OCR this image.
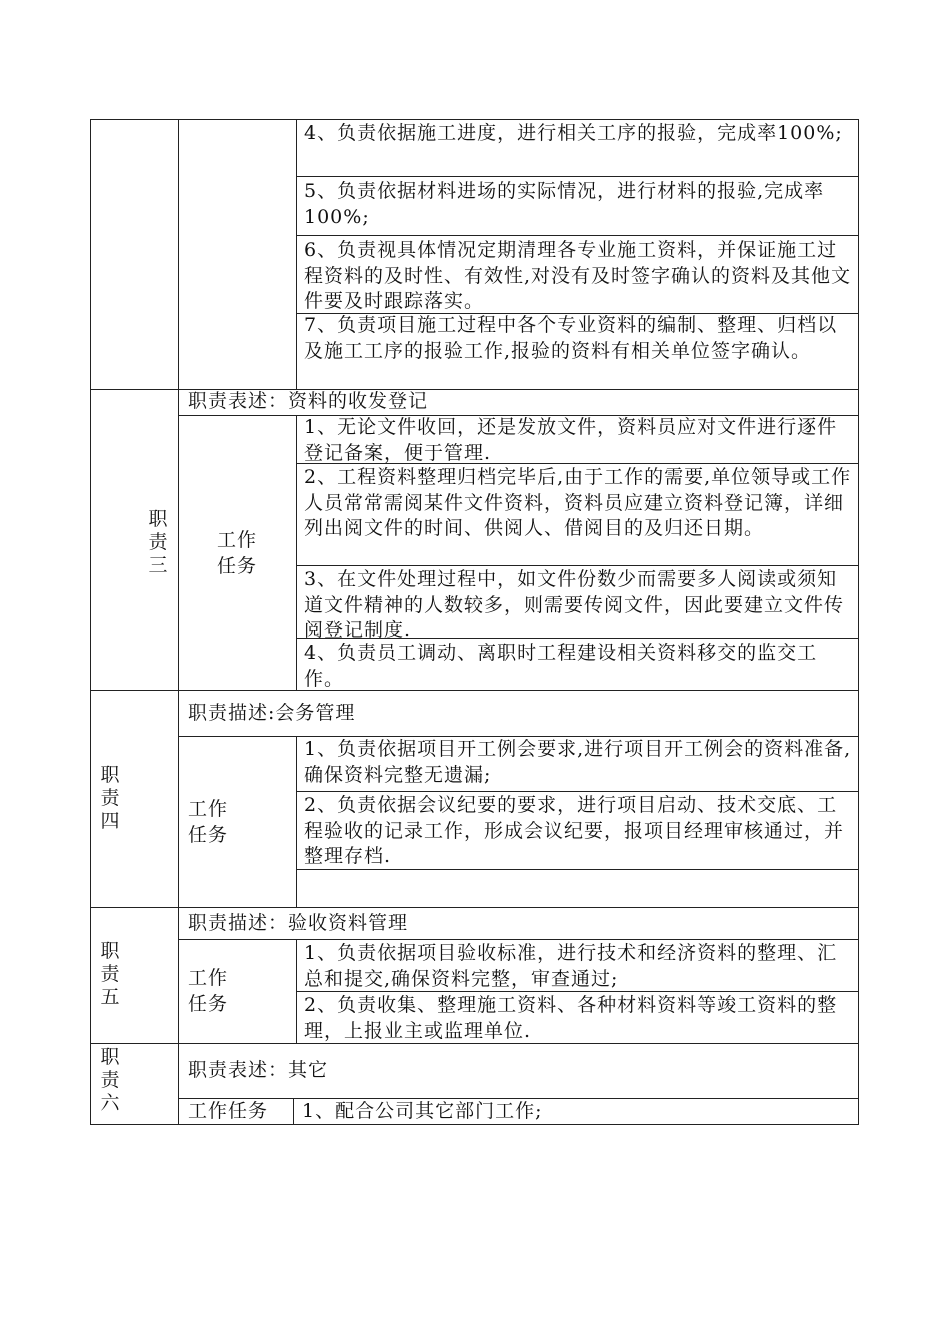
4、负责依据施工进度，进行相关工序的报验，完成率100%;
5、负责依据材料进场的实际情况，进行材料的报验,完成率 100%;
6、负责视具体情况定期清理各专业施工资料，并保证施工过程资料的及时性、有效性,对没有及时签字确认的资料及其他文件要及时跟踪落实。
7、负责项目施工过程中各个专业资料的编制、整理、归档以及施工工序的报验工作,报验的资料有相关单位签字确认。
职责三
职责表述：资料的收发登记
工作任务
1、无论文件收回，还是发放文件，资料员应对文件进行逐件登记备案，便于管理.
2、工程资料整理归档完毕后,由于工作的需要,单位领导或工作人员常常需阅某件文件资料，资料员应建立资料登记簿，详细列出阅文件的时间、供阅人、借阅目的及归还日期。
3、在文件处理过程中，如文件份数少而需要多人阅读或须知道文件精神的人数较多，则需要传阅文件，因此要建立文件传阅登记制度.
4、负责员工调动、离职时工程建设相关资料移交的监交工作。
职责四
职责描述:会务管理
工作任务
1、负责依据项目开工例会要求,进行项目开工例会的资料准备,确保资料完整无遗漏;
2、负责依据会议纪要的要求，进行项目启动、技术交底、工程验收的记录工作，形成会议纪要，报项目经理审核通过，并整理存档.
职责五
职责描述：验收资料管理
工作任务
1、负责依据项目验收标准，进行技术和经济资料的整理、汇总和提交,确保资料完整，审查通过;
2、负责收集、整理施工资料、各种材料资料等竣工资料的整理，上报业主或监理单位.
职责六
职责表述：其它
工作任务	1、配合公司其它部门工作;
